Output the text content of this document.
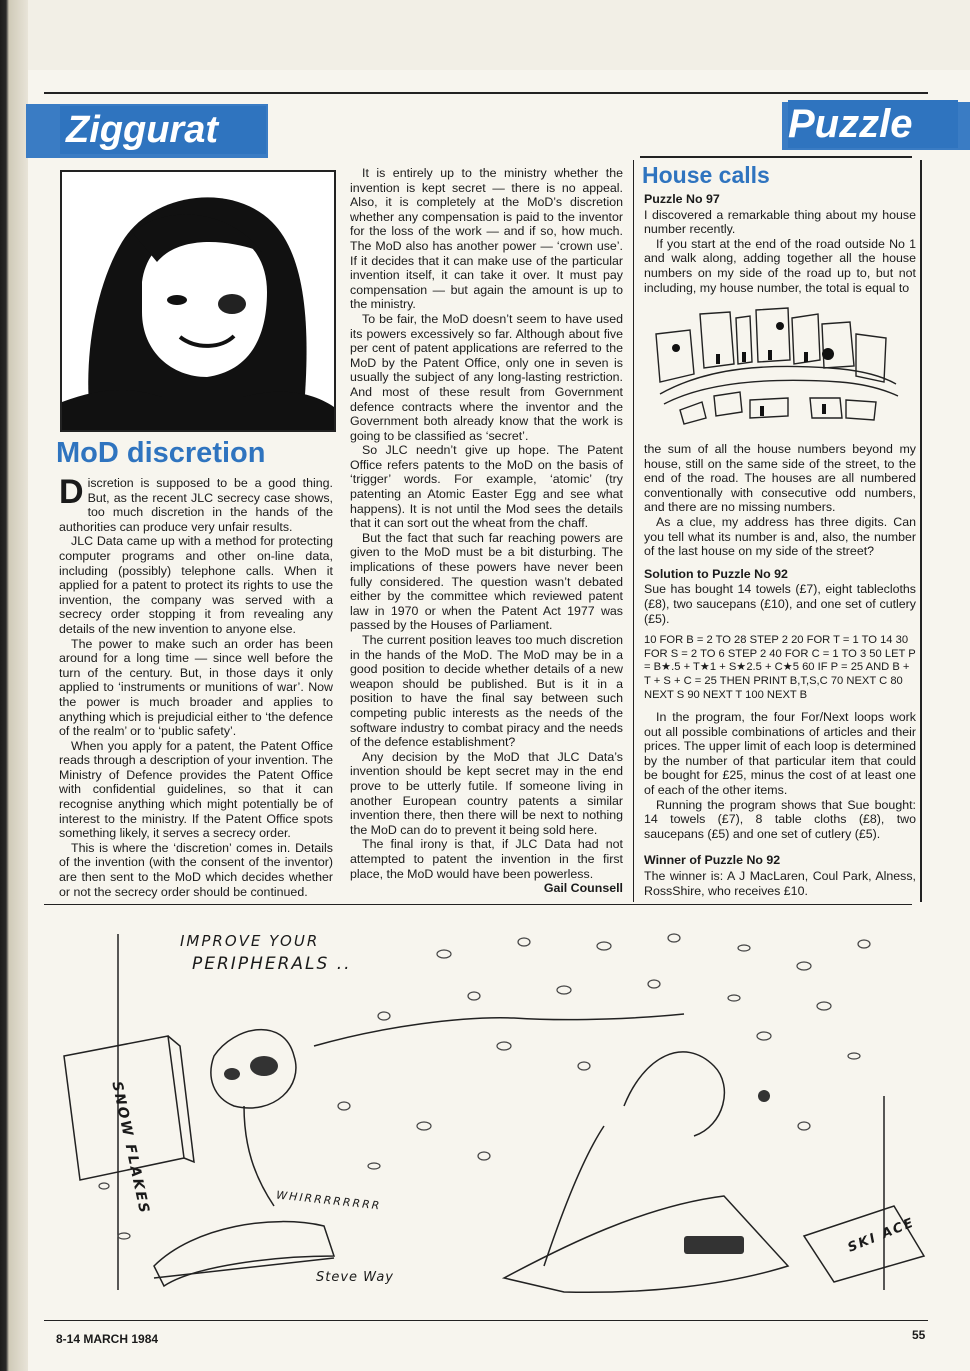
Ziggurat	Puzzle
MoD discretion

Discretion is supposed to be a good thing. But, as the recent JLC secrecy case shows, too much discretion in the hands of the authorities can produce very unfair results.

JLC Data came up with a method for protecting computer programs and other on-line data, including (possibly) telephone calls. When it applied for a patent to protect its rights to use the invention, the company was served with a secrecy order stopping it from revealing any details of the new invention to anyone else.

The power to make such an order has been around for a long time — since well before the turn of the century. But, in those days it only applied to ‘instruments or munitions of war’. Now the power is much broader and applies to anything which is prejudicial either to ‘the defence of the realm’ or to ‘public safety’.

When you apply for a patent, the Patent Office reads through a description of your invention. The Ministry of Defence provides the Patent Office with confidential guidelines, so that it can recognise anything which might potentially be of interest to the ministry. If the Patent Office spots something likely, it serves a secrecy order.

This is where the ‘discretion’ comes in. Details of the invention (with the consent of the inventor) are then sent to the MoD which decides whether or not the secrecy order should be continued.

It is entirely up to the ministry whether the invention is kept secret — there is no appeal. Also, it is completely at the MoD’s discretion whether any compensation is paid to the inventor for the loss of the work — and if so, how much. The MoD also has another power — ‘crown use’. If it decides that it can make use of the particular invention itself, it can take it over. It must pay compensation — but again the amount is up to the ministry.

To be fair, the MoD doesn’t seem to have used its powers excessively so far. Although about five per cent of patent applications are referred to the MoD by the Patent Office, only one in seven is usually the subject of any long-lasting restriction. And most of these result from Government defence contracts where the inventor and the Government both already know that the work is going to be classified as ‘secret’.

So JLC needn’t give up hope. The Patent Office refers patents to the MoD on the basis of ‘trigger’ words. For example, ‘atomic’ (try patenting an Atomic Easter Egg and see what happens). It is not until the Mod sees the details that it can sort out the wheat from the chaff.

But the fact that such far reaching powers are given to the MoD must be a bit disturbing. The implications of these powers have never been fully considered. The question wasn’t debated either by the committee which reviewed patent law in 1970 or when the Patent Act 1977 was passed by the Houses of Parliament.

The current position leaves too much discretion in the hands of the MoD. The MoD may be in a good position to decide whether details of a new weapon should be published. But is it in a position to have the final say between such competing public interests as the needs of the software industry to combat piracy and the needs of the defence establishment?

Any decision by the MoD that JLC Data’s invention should be kept secret may in the end prove to be utterly futile. If someone living in another European country patents a similar invention there, then there will be next to nothing the MoD can do to prevent it being sold here.

The final irony is that, if JLC Data had not attempted to patent the invention in the first place, the MoD would have been powerless.

Gail Counsell
House calls
Puzzle No 97

I discovered a remarkable thing about my house number recently.

If you start at the end of the road outside No 1 and walk along, adding together all the house numbers on my side of the road up to, but not including, my house number, the total is equal to

the sum of all the house numbers beyond my house, still on the same side of the street, to the end of the road. The houses are all numbered conventionally with consecutive odd numbers, and there are no missing numbers.

As a clue, my address has three digits. Can you tell what its number is and, also, the number of the last house on my side of the street?

Solution to Puzzle No 92

Sue has bought 14 towels (£7), eight tablecloths (£8), two saucepans (£10), and one set of cutlery (£5).

10 FOR B = 2 TO 28 STEP 2 20 FOR T = 1 TO 14 30 FOR S = 2 TO 6 STEP 2 40 FOR C = 1 TO 3 50 LET P = B★.5 + T★1 + S★2.5 + C★5 60 IF P = 25 AND B + T + S + C = 25 THEN PRINT B,T,S,C 70 NEXT C 80 NEXT S 90 NEXT T 100 NEXT B

In the program, the four For/Next loops work out all possible combinations of articles and their prices. The upper limit of each loop is determined by the number of that particular item that could be bought for £25, minus the cost of at least one of each of the other items.

Running the program shows that Sue bought: 14 towels (£7), 8 table cloths (£8), two saucepans (£5) and one set of cutlery (£5).

Winner of Puzzle No 92

The winner is: A J MacLaren, Coul Park, Alness, RossShire, who receives £10.

IMPROVE YOUR
PERIPHERALS ..
SNOW FLAKES	WHIRRRRRRRR
SKI ACE
Steve Way
8-14 MARCH 1984	55
